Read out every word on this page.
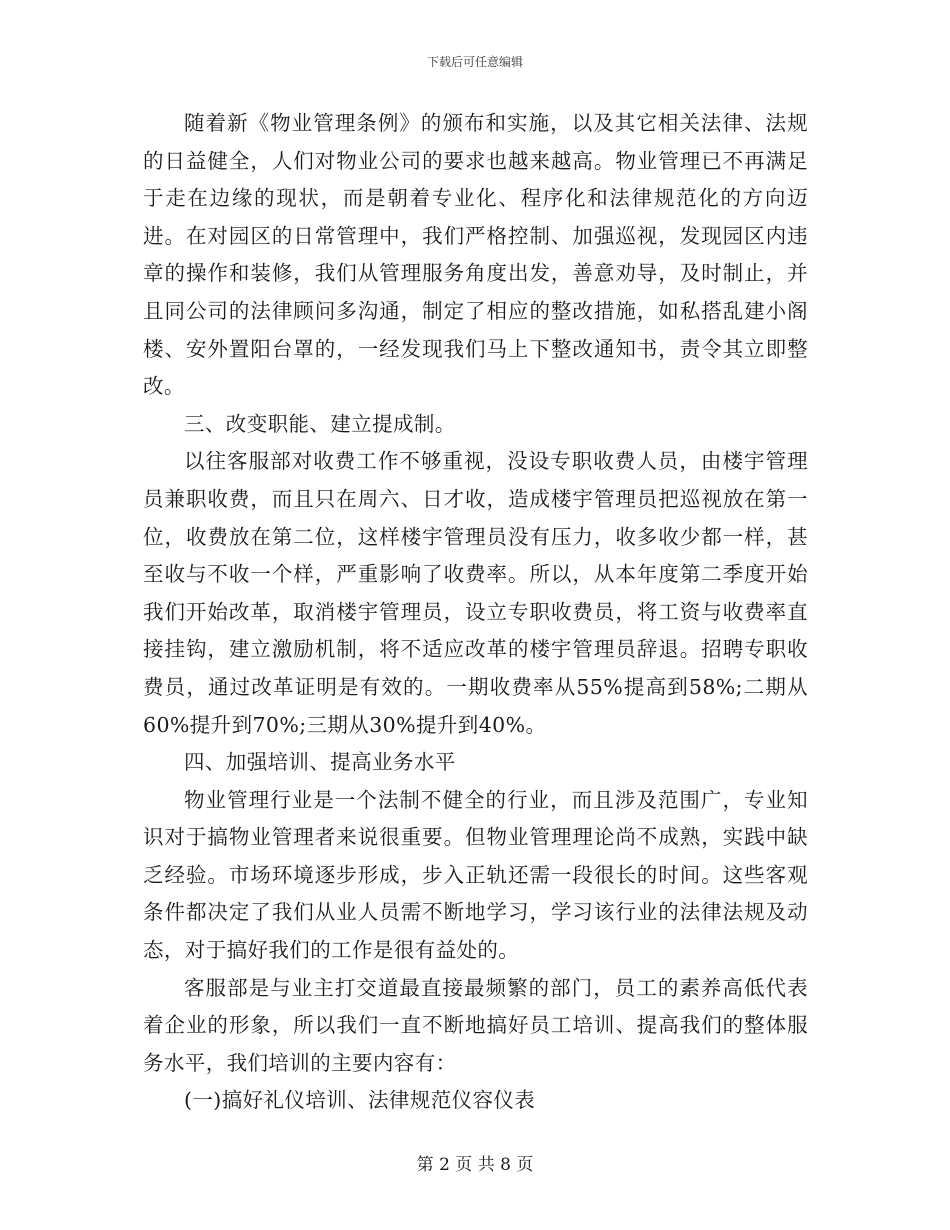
下载后可任意编辑

随着新《物业管理条例》的颁布和实施，以及其它相关法律、法规的日益健全，人们对物业公司的要求也越来越高。物业管理已不再满足于走在边缘的现状，而是朝着专业化、程序化和法律规范化的方向迈进。在对园区的日常管理中，我们严格控制、加强巡视，发现园区内违章的操作和装修，我们从管理服务角度出发，善意劝导，及时制止，并且同公司的法律顾问多沟通，制定了相应的整改措施，如私搭乱建小阁楼、安外置阳台罩的，一经发现我们马上下整改通知书，责令其立即整改。

三、改变职能、建立提成制。

以往客服部对收费工作不够重视，没设专职收费人员，由楼宇管理员兼职收费，而且只在周六、日才收，造成楼宇管理员把巡视放在第一位，收费放在第二位，这样楼宇管理员没有压力，收多收少都一样，甚至收与不收一个样，严重影响了收费率。所以，从本年度第二季度开始我们开始改革，取消楼宇管理员，设立专职收费员，将工资与收费率直接挂钩，建立激励机制，将不适应改革的楼宇管理员辞退。招聘专职收费员，通过改革证明是有效的。一期收费率从55%提高到58%;二期从60%提升到70%;三期从30%提升到40%。

四、加强培训、提高业务水平

物业管理行业是一个法制不健全的行业，而且涉及范围广，专业知识对于搞物业管理者来说很重要。但物业管理理论尚不成熟，实践中缺乏经验。市场环境逐步形成，步入正轨还需一段很长的时间。这些客观条件都决定了我们从业人员需不断地学习，学习该行业的法律法规及动态，对于搞好我们的工作是很有益处的。

客服部是与业主打交道最直接最频繁的部门，员工的素养高低代表着企业的形象，所以我们一直不断地搞好员工培训、提高我们的整体服务水平，我们培训的主要内容有：

(一)搞好礼仪培训、法律规范仪容仪表

第 2 页 共 8 页
